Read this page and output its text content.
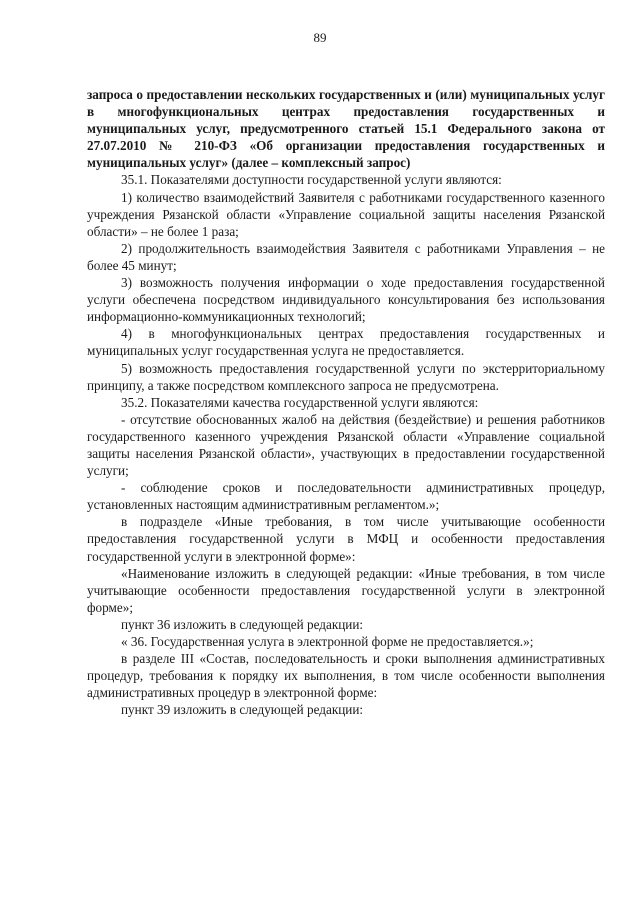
89

запроса о предоставлении нескольких государственных и (или) муниципальных услуг в многофункциональных центрах предоставления государственных и муниципальных услуг, предусмотренного статьей 15.1 Федерального закона от 27.07.2010 № 210-ФЗ «Об организации предоставления государственных и муниципальных услуг» (далее – комплексный запрос)

35.1. Показателями доступности государственной услуги являются:

1) количество взаимодействий Заявителя с работниками государственного казенного учреждения Рязанской области «Управление социальной защиты населения Рязанской области» – не более 1 раза;

2) продолжительность взаимодействия Заявителя с работниками Управления – не более 45 минут;

3) возможность получения информации о ходе предоставления государственной услуги обеспечена посредством индивидуального консультирования без использования информационно-коммуникационных технологий;

4) в многофункциональных центрах предоставления государственных и муниципальных услуг государственная услуга не предоставляется.

5) возможность предоставления государственной услуги по экстерриториальному принципу, а также посредством комплексного запроса не предусмотрена.

35.2. Показателями качества государственной услуги являются:

- отсутствие обоснованных жалоб на действия (бездействие) и решения работников государственного казенного учреждения Рязанской области «Управление социальной защиты населения Рязанской области», участвующих в предоставлении государственной услуги;

- соблюдение сроков и последовательности административных процедур, установленных настоящим административным регламентом.»;

в подразделе «Иные требования, в том числе учитывающие особенности предоставления государственной услуги в МФЦ и особенности предоставления государственной услуги в электронной форме»:

«Наименование изложить в следующей редакции: «Иные требования, в том числе учитывающие особенности предоставления государственной услуги в электронной форме»;

пункт 36 изложить в следующей редакции:

« 36. Государственная услуга в электронной форме не предоставляется.»;

в разделе III «Состав, последовательность и сроки выполнения административных процедур, требования к порядку их выполнения, в том числе особенности выполнения административных процедур в электронной форме:

пункт 39 изложить в следующей редакции:
